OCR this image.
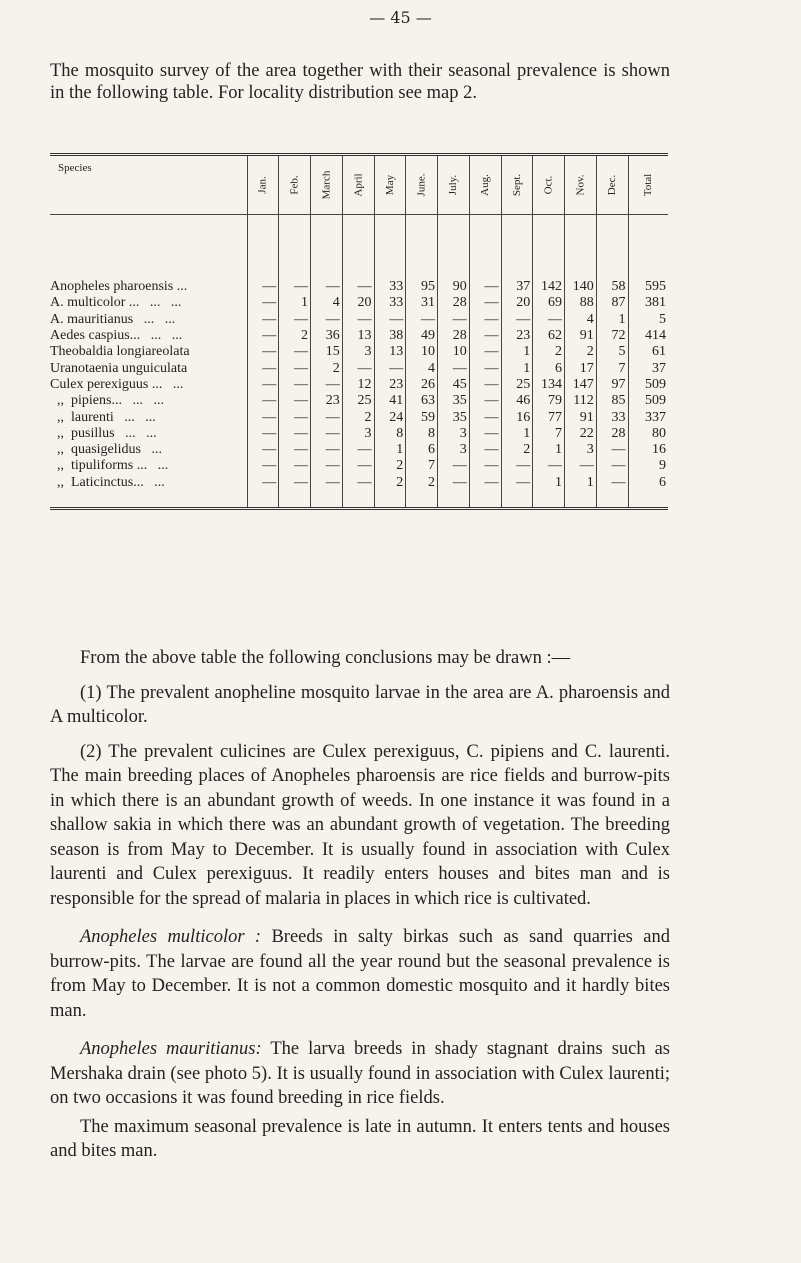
— 45 —
The mosquito survey of the area together with their seasonal prevalence is shown in the following table. For locality distribution see map 2.
Species	Jan.	Feb.	March	April	May	June.	July.	Aug.	Sept.	Oct.	Nov.	Dec.	Total

Anopheles pharoensis ...	—	—	—	—	33	95	90	—	37	142	140	58	595
A. multicolor ...   ...   ...	—	1	4	20	33	31	28	—	20	69	88	87	381
A. mauritianus   ...   ...	—	—	—	—	—	—	—	—	—	—	4	1	5
Aedes caspius...   ...   ...	—	2	36	13	38	49	28	—	23	62	91	72	414
Theobaldia longiareolata	—	—	15	3	13	10	10	—	1	2	2	5	61
Uranotaenia unguiculata	—	—	2	—	—	4	—	—	1	6	17	7	37
Culex perexiguus ...   ...	—	—	—	12	23	26	45	—	25	134	147	97	509
,,  pipiens...   ...   ...	—	—	23	25	41	63	35	—	46	79	112	85	509
,,  laurenti   ...   ...	—	—	—	2	24	59	35	—	16	77	91	33	337
,,  pusillus   ...   ...	—	—	—	3	8	8	3	—	1	7	22	28	80
,,  quasigelidus   ...	—	—	—	—	1	6	3	—	2	1	3	—	16
,,  tipuliforms ...   ...	—	—	—	—	2	7	—	—	—	—	—	—	9
,,  Laticinctus...   ...	—	—	—	—	2	2	—	—	—	1	1	—	6

From the above table the following conclusions may be drawn :—

(1) The prevalent anopheline mosquito larvae in the area are A. pharoensis and A multicolor.

(2) The prevalent culicines are Culex perexiguus, C. pipiens and C. laurenti. The main breeding places of Anopheles pharoensis are rice fields and burrow-pits in which there is an abundant growth of weeds. In one instance it was found in a shallow sakia in which there was an abundant growth of vegetation. The breeding season is from May to December. It is usually found in association with Culex laurenti and Culex perexiguus. It readily enters houses and bites man and is responsible for the spread of malaria in places in which rice is cultivated.

Anopheles multicolor : Breeds in salty birkas such as sand quarries and burrow-pits. The larvae are found all the year round but the seasonal prevalence is from May to December. It is not a common domestic mosquito and it hardly bites man.

Anopheles mauritianus: The larva breeds in shady stagnant drains such as Mershaka drain (see photo 5). It is usually found in association with Culex laurenti; on two occasions it was found breeding in rice fields.

The maximum seasonal prevalence is late in autumn. It enters tents and houses and bites man.
